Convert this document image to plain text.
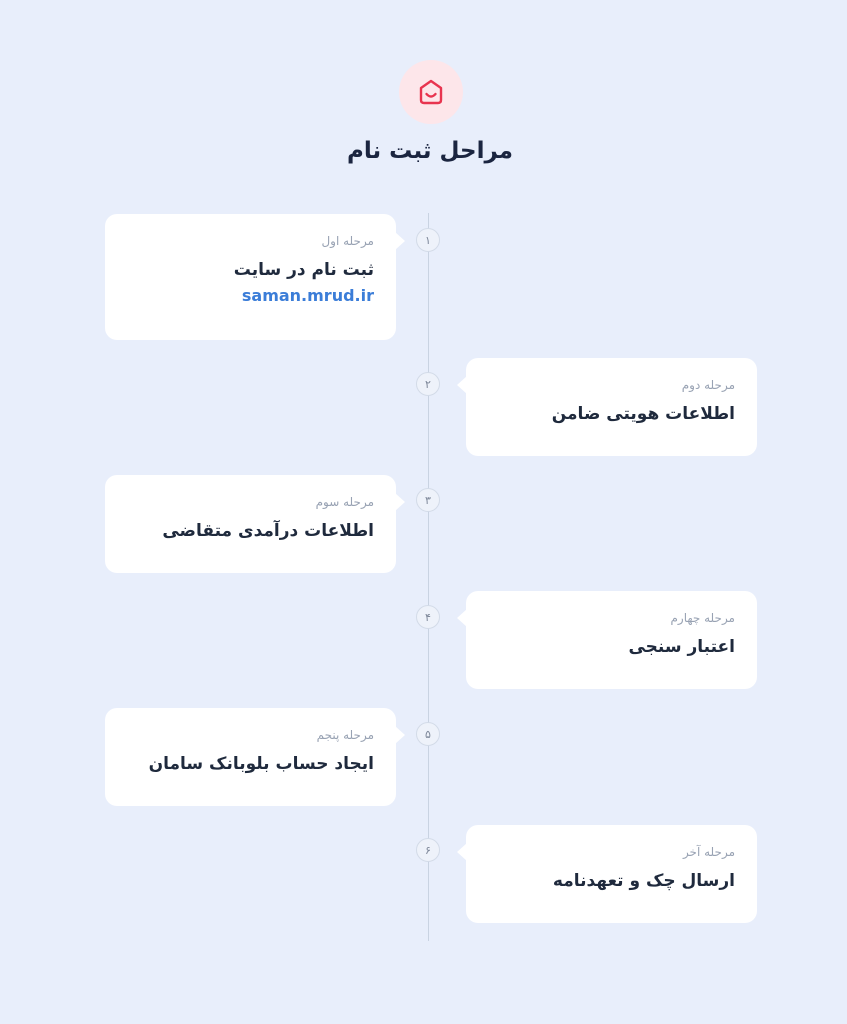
مراحل ثبت نام
۱
مرحله اول
ثبت نام در سایت
saman.mrud.ir
۲	مرحله دوم
اطلاعات هویتی ضامن
۳
مرحله سوم
اطلاعات درآمدی متقاضی
۴	مرحله چهارم
اعتبار سنجی
۵
مرحله پنجم
ایجاد حساب بلوبانک سامان
۶	مرحله آخر
ارسال چک و تعهدنامه
